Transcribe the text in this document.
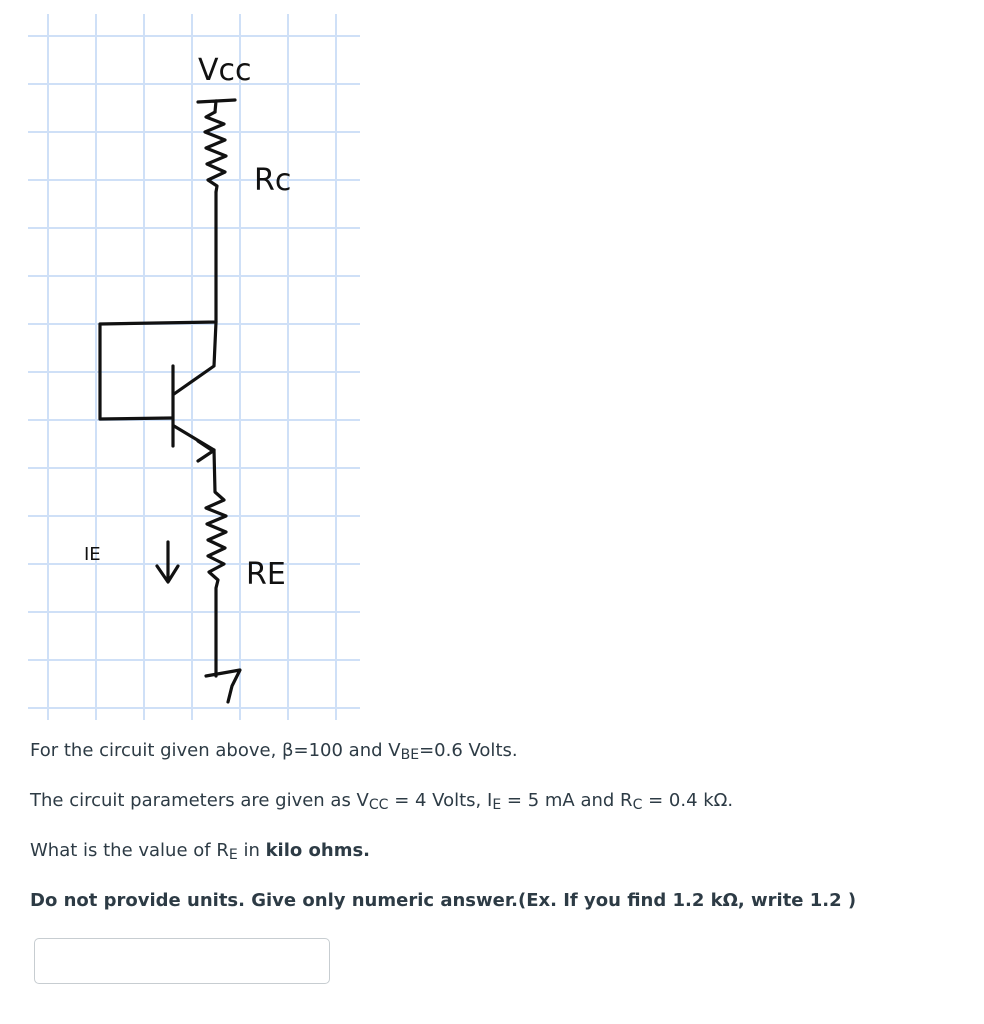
Vcc
Rc
RE
IE

For the circuit given above, β=100 and VBE=0.6 Volts.

The circuit parameters are given as VCC = 4 Volts, IE = 5 mA and RC = 0.4 kΩ.

What is the value of RE in kilo ohms.

Do not provide units. Give only numeric answer.(Ex. If you find 1.2 kΩ, write 1.2 )
